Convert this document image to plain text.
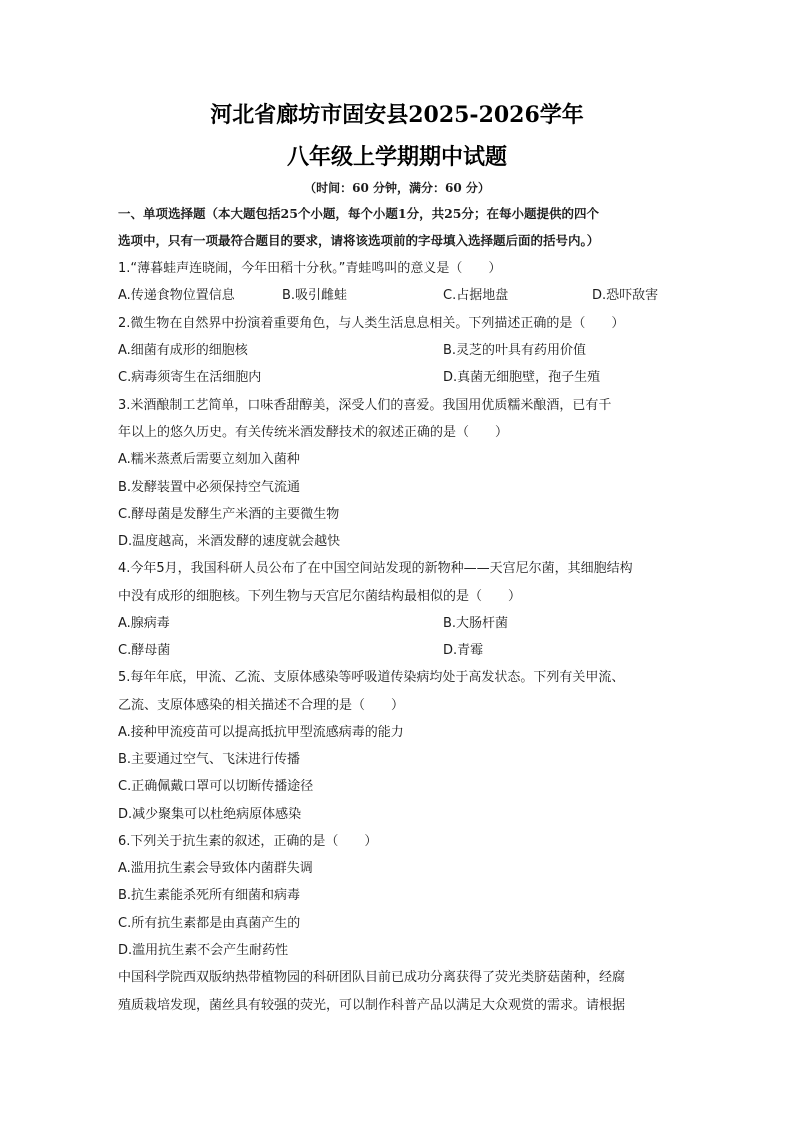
河北省廊坊市固安县2025-2026学年
八年级上学期期中试题
（时间：60 分钟，满分：60 分）
一、单项选择题（本大题包括25个小题，每个小题1分，共25分；在每小题提供的四个
选项中，只有一项最符合题目的要求，请将该选项前的字母填入选择题后面的括号内。）
1.“薄暮蛙声连晓闹，今年田稻十分秋。”青蛙鸣叫的意义是（　　）
A.传递食物位置信息	B.吸引雌蛙	C.占据地盘	D.恐吓敌害
2.微生物在自然界中扮演着重要角色，与人类生活息息相关。下列描述正确的是（　　）
A.细菌有成形的细胞核	B.灵芝的叶具有药用价值
C.病毒须寄生在活细胞内	D.真菌无细胞壁，孢子生殖
3.米酒酿制工艺简单，口味香甜醇美，深受人们的喜爱。我国用优质糯米酿酒，已有千
年以上的悠久历史。有关传统米酒发酵技术的叙述正确的是（　　）
A.糯米蒸煮后需要立刻加入菌种
B.发酵装置中必须保持空气流通
C.酵母菌是发酵生产米酒的主要微生物
D.温度越高，米酒发酵的速度就会越快
4.今年5月，我国科研人员公布了在中国空间站发现的新物种——天宫尼尔菌，其细胞结构
中没有成形的细胞核。下列生物与天宫尼尔菌结构最相似的是（　　）
A.腺病毒	B.大肠杆菌
C.酵母菌	D.青霉
5.每年年底，甲流、乙流、支原体感染等呼吸道传染病均处于高发状态。下列有关甲流、
乙流、支原体感染的相关描述不合理的是（　　）
A.接种甲流疫苗可以提高抵抗甲型流感病毒的能力
B.主要通过空气、飞沫进行传播
C.正确佩戴口罩可以切断传播途径
D.减少聚集可以杜绝病原体感染
6.下列关于抗生素的叙述，正确的是（　　）
A.滥用抗生素会导致体内菌群失调
B.抗生素能杀死所有细菌和病毒
C.所有抗生素都是由真菌产生的
D.滥用抗生素不会产生耐药性
中国科学院西双版纳热带植物园的科研团队目前已成功分离获得了荧光类脐菇菌种，经腐
殖质栽培发现，菌丝具有较强的荧光，可以制作科普产品以满足大众观赏的需求。请根据
